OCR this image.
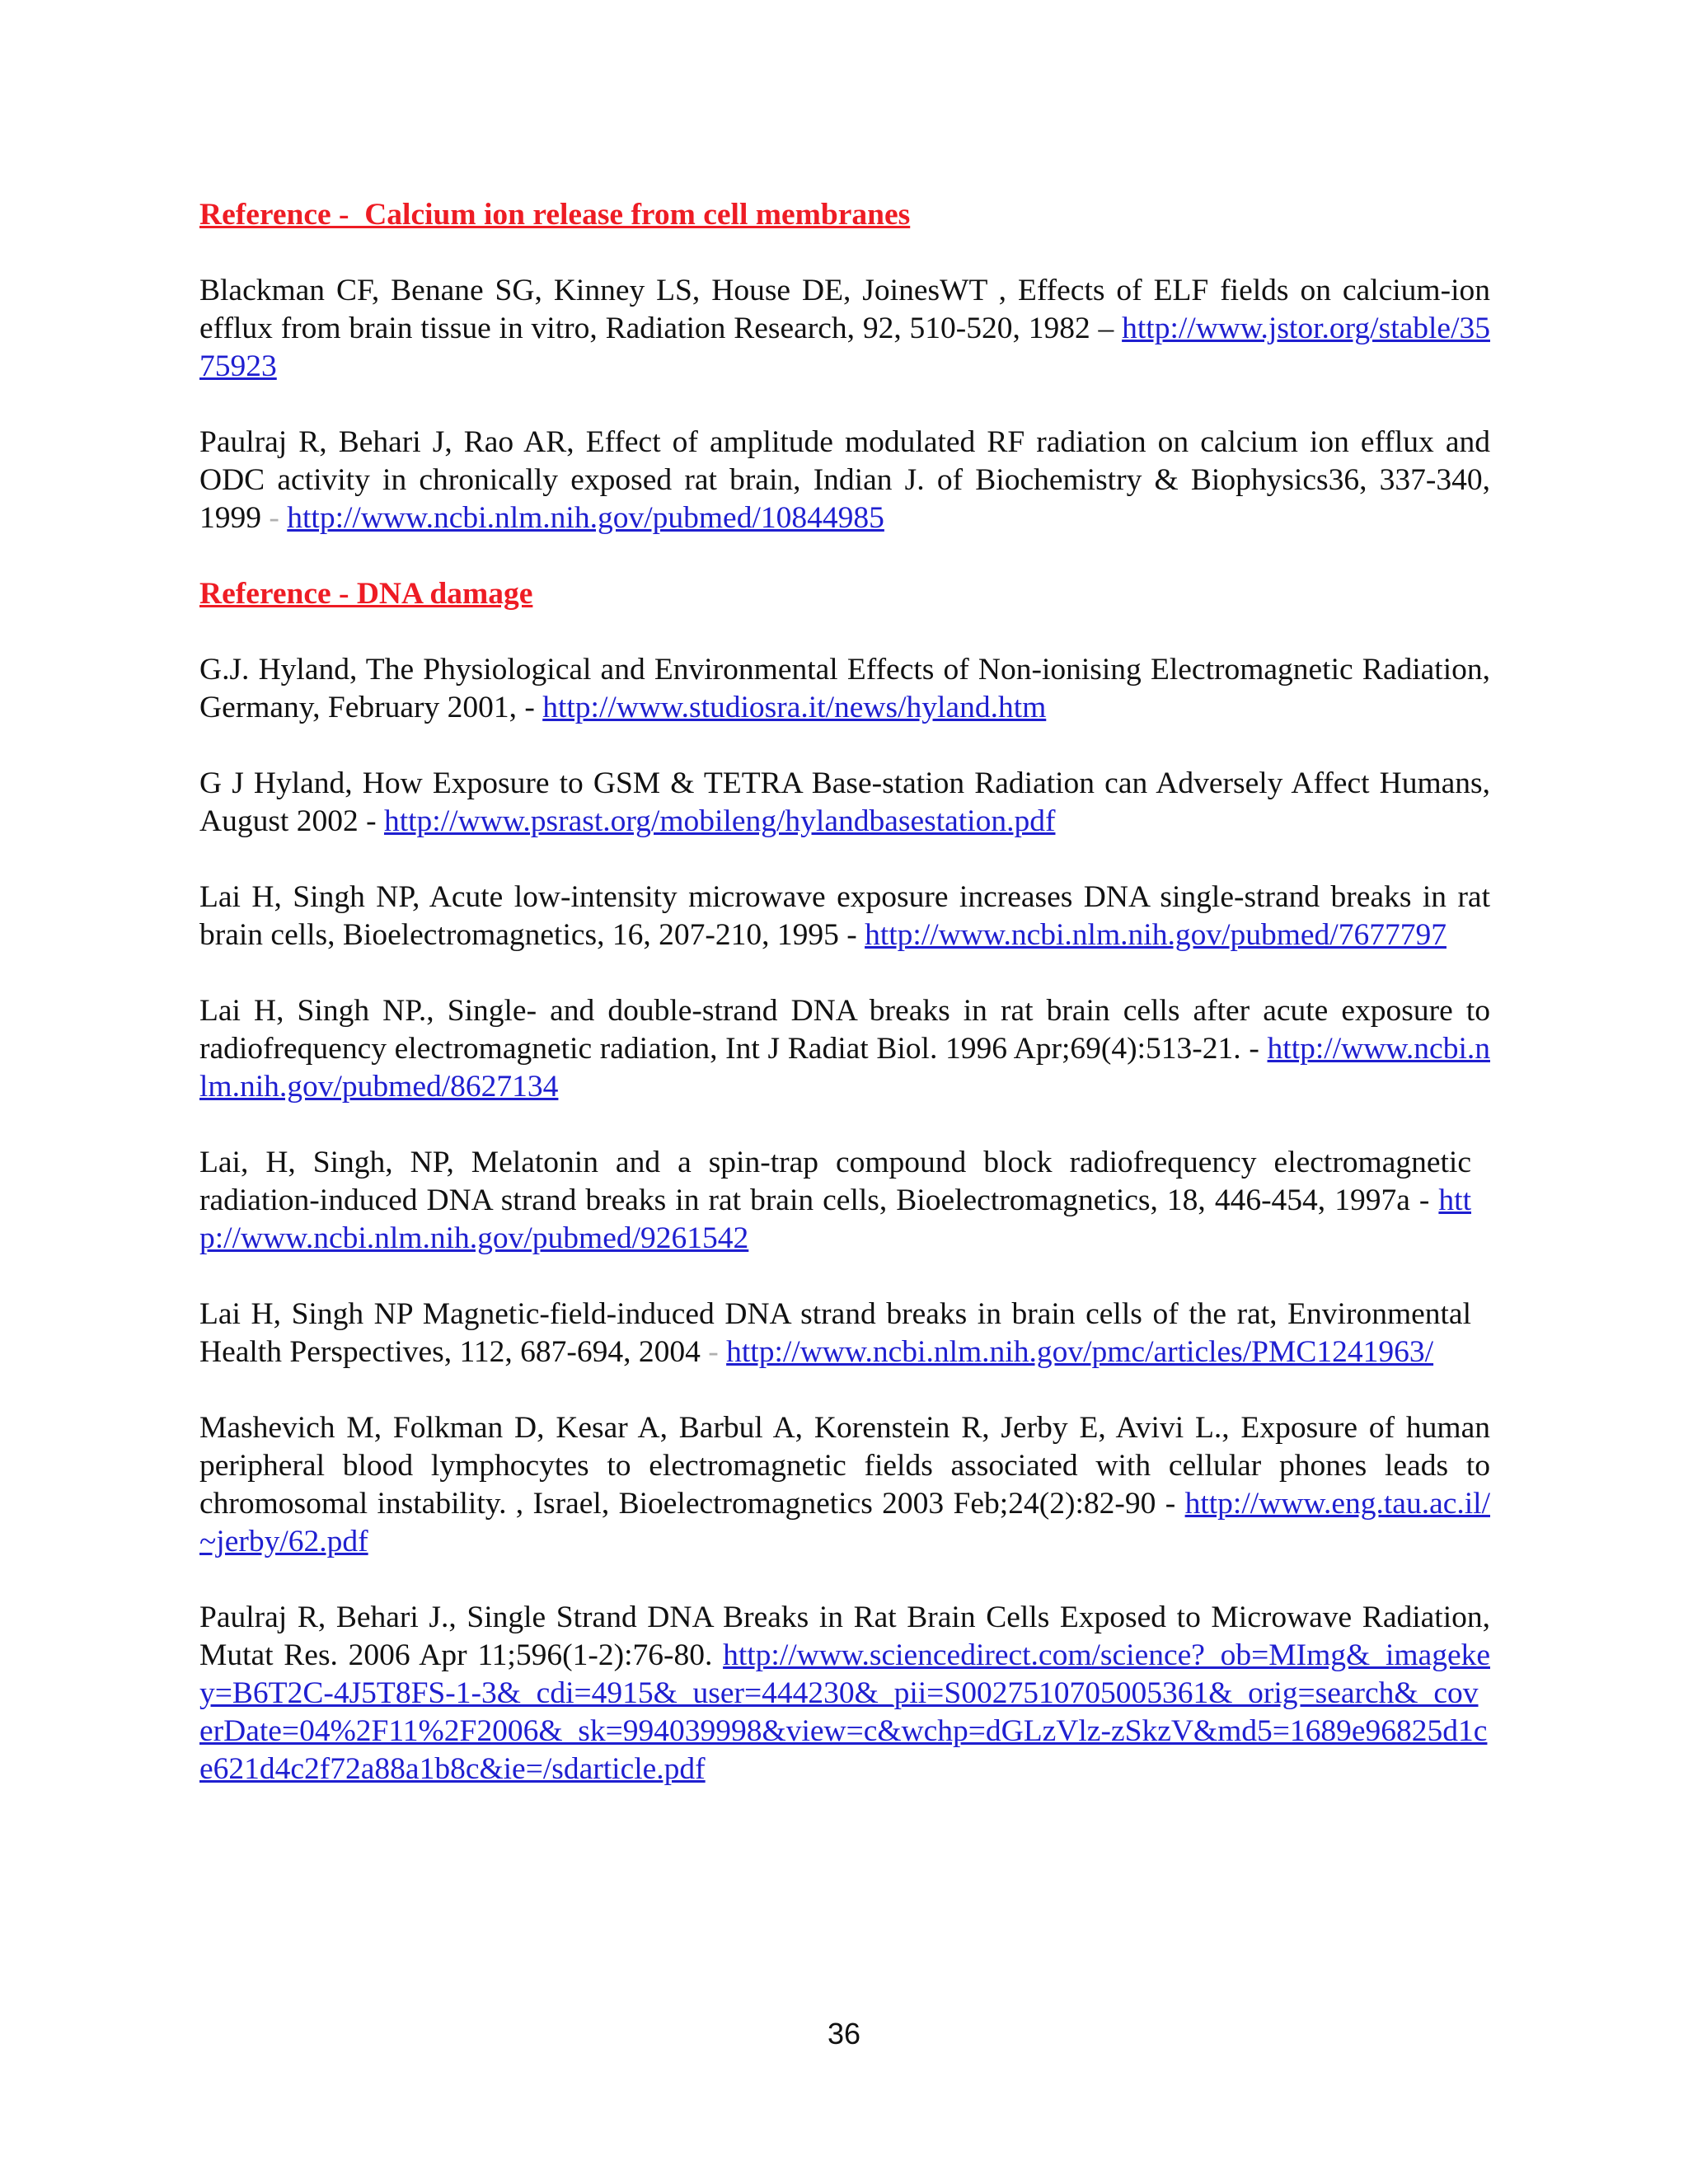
Reference -  Calcium ion release from cell membranes

Blackman CF, Benane SG, Kinney LS, House DE, JoinesWT , Effects of ELF fields on calcium-ion efflux from brain tissue in vitro, Radiation Research, 92, 510-520, 1982 – http://www.jstor.org/stable/3575923

Paulraj R, Behari J, Rao AR, Effect of amplitude modulated RF radiation on calcium ion efflux and ODC activity in chronically exposed rat brain, Indian J. of Biochemistry & Biophysics36, 337-340, 1999 - http://www.ncbi.nlm.nih.gov/pubmed/10844985

Reference - DNA damage

G.J. Hyland, The Physiological and Environmental Effects of Non-ionising Electromagnetic Radiation, Germany, February 2001, - http://www.studiosra.it/news/hyland.htm

G J Hyland, How Exposure to GSM & TETRA Base-station Radiation can Adversely Affect Humans, August 2002 - http://www.psrast.org/mobileng/hylandbasestation.pdf

Lai H, Singh NP, Acute low-intensity microwave exposure increases DNA single-strand breaks in rat brain cells, Bioelectromagnetics, 16, 207-210, 1995 - http://www.ncbi.nlm.nih.gov/pubmed/7677797

Lai H, Singh NP., Single- and double-strand DNA breaks in rat brain cells after acute exposure to radiofrequency electromagnetic radiation, Int J Radiat Biol. 1996 Apr;69(4):513-21. - http://www.ncbi.nlm.nih.gov/pubmed/8627134

Lai, H, Singh, NP, Melatonin and a spin-trap compound block radiofrequency electromagnetic radiation-induced DNA strand breaks in rat brain cells, Bioelectromagnetics, 18, 446-454, 1997a - http://www.ncbi.nlm.nih.gov/pubmed/9261542

Lai H, Singh NP Magnetic-field-induced DNA strand breaks in brain cells of the rat, Environmental Health Perspectives, 112, 687-694, 2004 - http://www.ncbi.nlm.nih.gov/pmc/articles/PMC1241963/

Mashevich M, Folkman D, Kesar A, Barbul A, Korenstein R, Jerby E, Avivi L., Exposure of human peripheral blood lymphocytes to electromagnetic fields associated with cellular phones leads to chromosomal instability. , Israel, Bioelectromagnetics 2003 Feb;24(2):82-90 - http://www.eng.tau.ac.il/~jerby/62.pdf

Paulraj R, Behari J., Single Strand DNA Breaks in Rat Brain Cells Exposed to Microwave Radiation, Mutat Res. 2006 Apr 11;596(1-2):76-80. http://www.sciencedirect.com/science?_ob=MImg&_imagekey=B6T2C-4J5T8FS-1-3&_cdi=4915&_user=444230&_pii=S0027510705005361&_orig=search&_coverDate=04%2F11%2F2006&_sk=994039998&view=c&wchp=dGLzVlz-zSkzV&md5=1689e96825d1ce621d4c2f72a88a1b8c&ie=/sdarticle.pdf

36
